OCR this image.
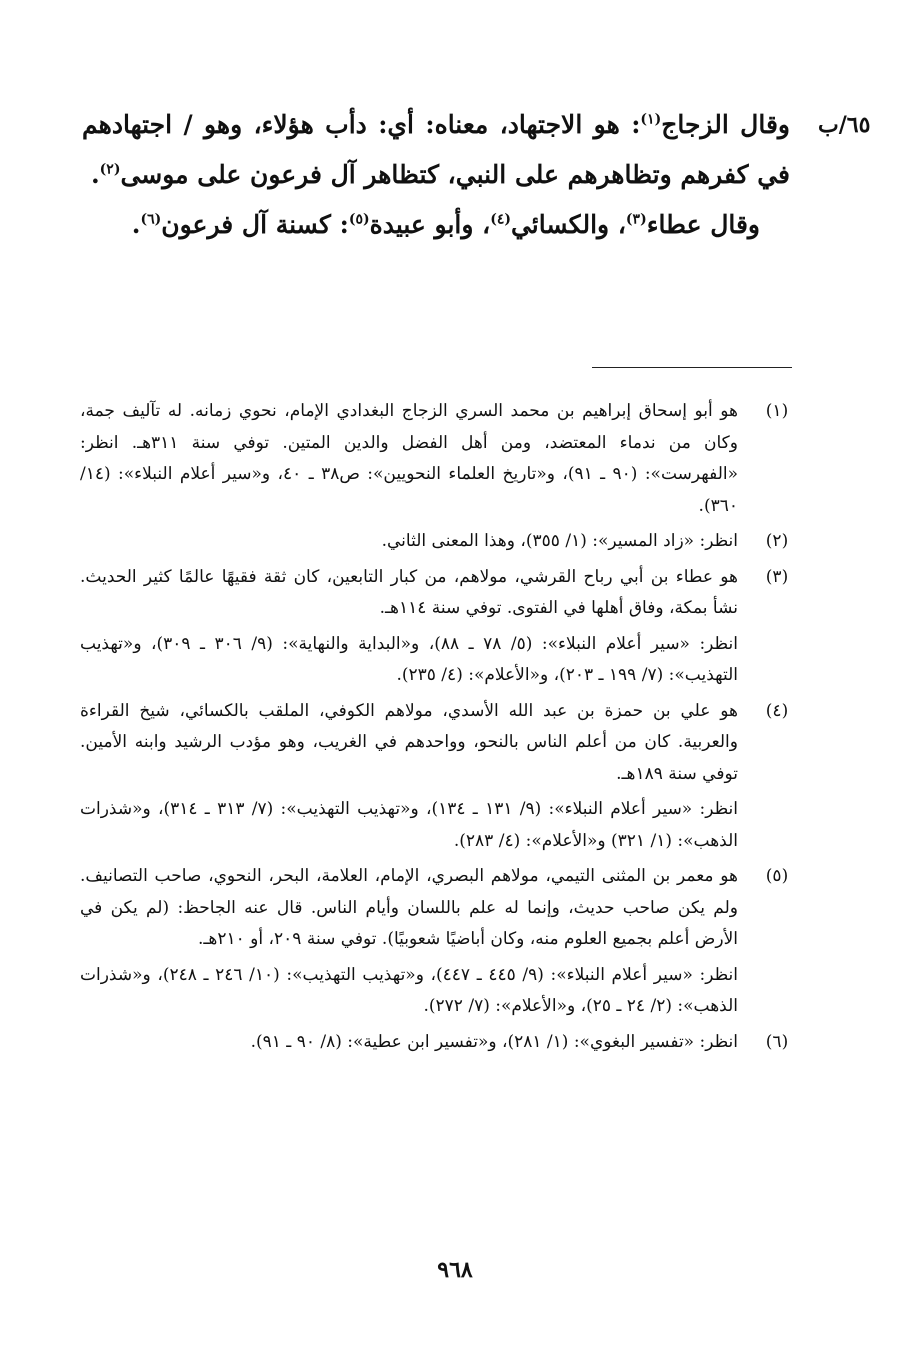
٦٥/ب

وقال الزجاج$^{(١)}$: هو الاجتهاد، معناه: أي: دأب هؤلاء، وهو / اجتهادهم في كفرهم وتظاهرهم على النبي، كتظاهر آل فرعون على موسى$^{(٢)}$.

وقال عطاء$^{(٣)}$، والكسائي$^{(٤)}$، وأبو عبيدة$^{(٥)}$: كسنة آل فرعون$^{(٦)}$.

(١)
هو أبو إسحاق إبراهيم بن محمد السري الزجاج البغدادي الإمام، نحوي زمانه. له تآليف جمة، وكان من ندماء المعتضد، ومن أهل الفضل والدين المتين. توفي سنة ٣١١هـ. انظر: «الفهرست»: (٩٠ ـ ٩١)، و«تاريخ العلماء النحويين»: ص٣٨ ـ ٤٠، و«سير أعلام النبلاء»: (١٤/ ٣٦٠).
(٢)
انظر: «زاد المسير»: (١/ ٣٥٥)، وهذا المعنى الثاني.
(٣)
هو عطاء بن أبي رباح القرشي، مولاهم، من كبار التابعين، كان ثقة فقيهًا عالمًا كثير الحديث. نشأ بمكة، وفاق أهلها في الفتوى. توفي سنة ١١٤هـ.
انظر: «سير أعلام النبلاء»: (٥/ ٧٨ ـ ٨٨)، و«البداية والنهاية»: (٩/ ٣٠٦ ـ ٣٠٩)، و«تهذيب التهذيب»: (٧/ ١٩٩ ـ ٢٠٣)، و«الأعلام»: (٤/ ٢٣٥).
(٤)
هو علي بن حمزة بن عبد الله الأسدي، مولاهم الكوفي، الملقب بالكسائي، شيخ القراءة والعربية. كان من أعلم الناس بالنحو، وواحدهم في الغريب، وهو مؤدب الرشيد وابنه الأمين. توفي سنة ١٨٩هـ.
انظر: «سير أعلام النبلاء»: (٩/ ١٣١ ـ ١٣٤)، و«تهذيب التهذيب»: (٧/ ٣١٣ ـ ٣١٤)، و«شذرات الذهب»: (١/ ٣٢١) و«الأعلام»: (٤/ ٢٨٣).
(٥)
هو معمر بن المثنى التيمي، مولاهم البصري، الإمام، العلامة، البحر، النحوي، صاحب التصانيف. ولم يكن صاحب حديث، وإنما له علم باللسان وأيام الناس. قال عنه الجاحظ: (لم يكن في الأرض أعلم بجميع العلوم منه، وكان أباضيًا شعوبيًا). توفي سنة ٢٠٩، أو ٢١٠هـ.
انظر: «سير أعلام النبلاء»: (٩/ ٤٤٥ ـ ٤٤٧)، و«تهذيب التهذيب»: (١٠/ ٢٤٦ ـ ٢٤٨)، و«شذرات الذهب»: (٢/ ٢٤ ـ ٢٥)، و«الأعلام»: (٧/ ٢٧٢).
(٦)
انظر: «تفسير البغوي»: (١/ ٢٨١)، و«تفسير ابن عطية»: (٨/ ٩٠ ـ ٩١).
٩٦٨
